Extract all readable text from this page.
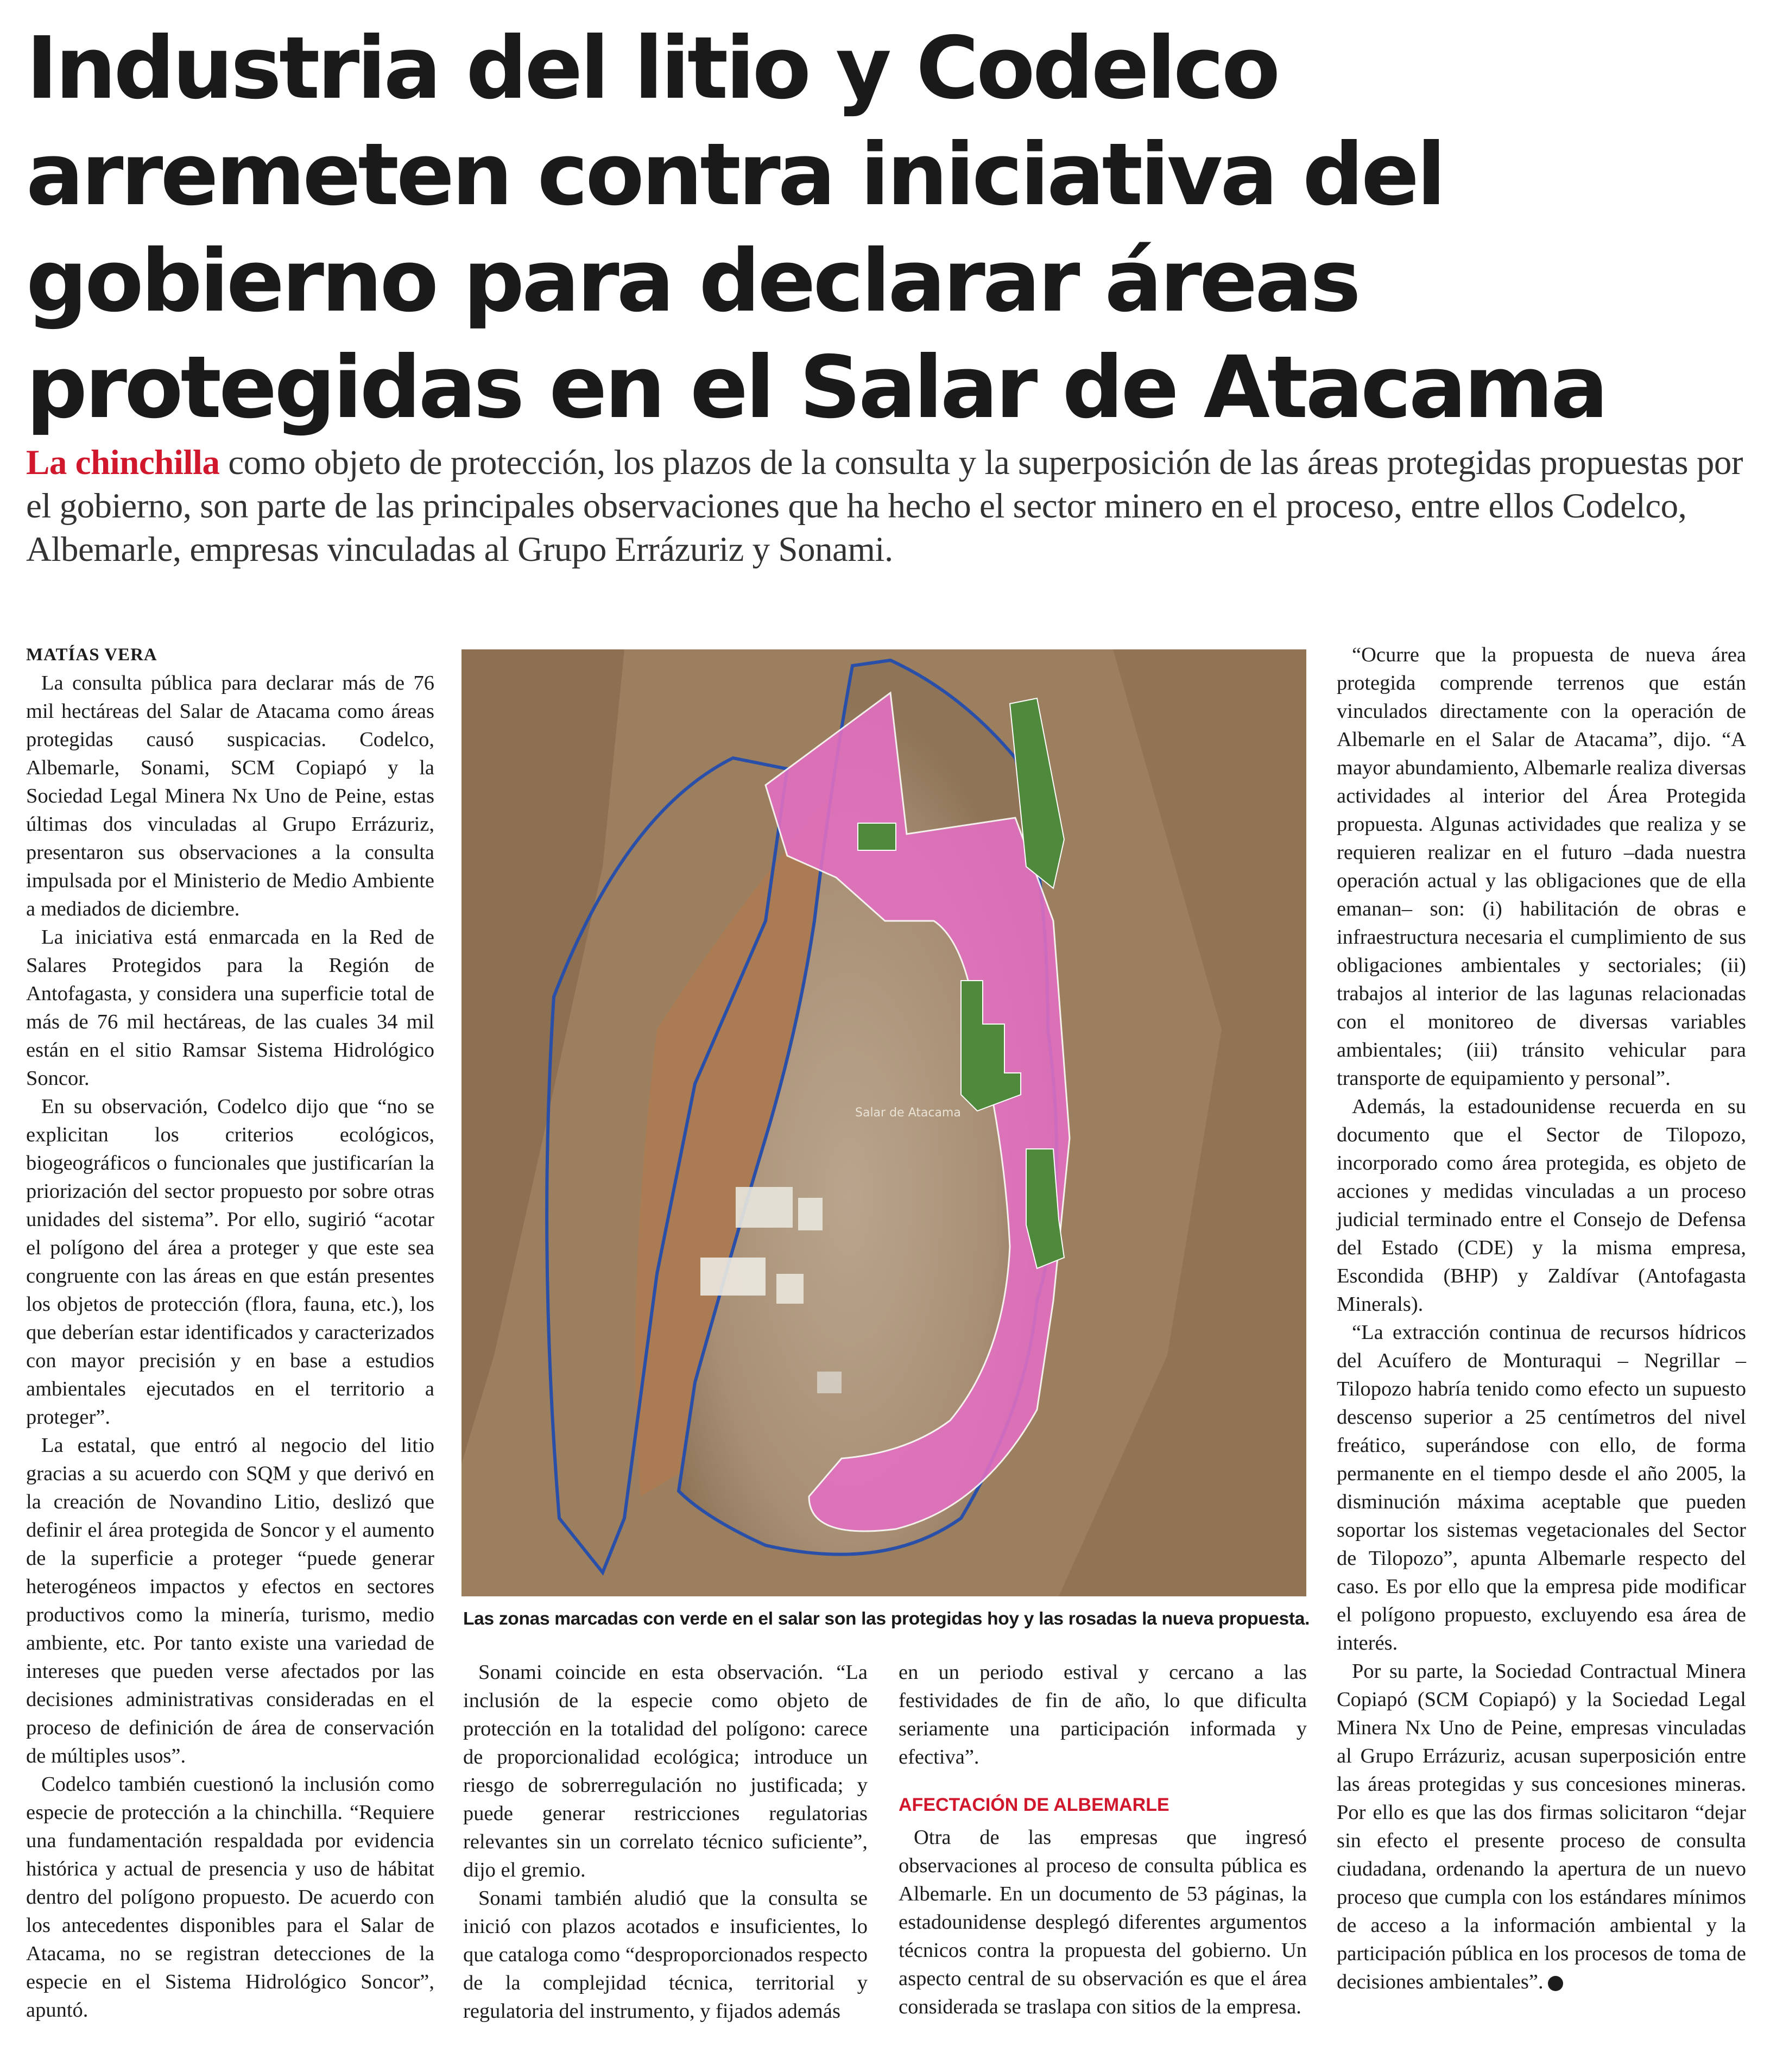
Industria del litio y Codelco arremeten contra iniciativa del gobierno para declarar áreas protegidas en el Salar de Atacama

La chinchilla como objeto de protección, los plazos de la consulta y la superposición de las áreas protegidas propuestas por el gobierno, son parte de las principales observaciones que ha hecho el sector minero en el proceso, entre ellos Codelco, Albemarle, empresas vinculadas al Grupo Errázuriz y Sonami.

MATÍAS VERA

La consulta pública para declarar más de 76 mil hectáreas del Salar de Atacama como áreas protegidas causó suspicacias. Codelco, Albemarle, Sonami, SCM Copiapó y la Sociedad Legal Minera Nx Uno de Peine, estas últimas dos vinculadas al Grupo Errázuriz, presentaron sus observaciones a la consulta impulsada por el Ministerio de Medio Ambiente a mediados de diciembre.

La iniciativa está enmarcada en la Red de Salares Protegidos para la Región de Antofagasta, y considera una superficie total de más de 76 mil hectáreas, de las cuales 34 mil están en el sitio Ramsar Sistema Hidrológico Soncor.

En su observación, Codelco dijo que “no se explicitan los criterios ecológicos, biogeográficos o funcionales que justificarían la priorización del sector propuesto por sobre otras unidades del sistema”. Por ello, sugirió “acotar el polígono del área a proteger y que este sea congruente con las áreas en que están presentes los objetos de protección (flora, fauna, etc.), los que deberían estar identificados y caracterizados con mayor precisión y en base a estudios ambientales ejecutados en el territorio a proteger”.

La estatal, que entró al negocio del litio gracias a su acuerdo con SQM y que derivó en la creación de Novandino Litio, deslizó que definir el área protegida de Soncor y el aumento de la superficie a proteger “puede generar heterogéneos impactos y efectos en sectores productivos como la minería, turismo, medio ambiente, etc. Por tanto existe una variedad de intereses que pueden verse afectados por las decisiones administrativas consideradas en el proceso de definición de área de conservación de múltiples usos”.

Codelco también cuestionó la inclusión como especie de protección a la chinchilla. “Requiere una fundamentación respaldada por evidencia histórica y actual de presencia y uso de hábitat dentro del polígono propuesto. De acuerdo con los antecedentes disponibles para el Salar de Atacama, no se registran detecciones de la especie en el Sistema Hidrológico Soncor”, apuntó.

Salar de Atacama
Las zonas marcadas con verde en el salar son las protegidas hoy y las rosadas la nueva propuesta.

Sonami coincide en esta observación. “La inclusión de la especie como objeto de protección en la totalidad del polígono: carece de proporcionalidad ecológica; introduce un riesgo de sobrerregulación no justificada; y puede generar restricciones regulatorias relevantes sin un correlato técnico suficiente”, dijo el gremio.

Sonami también aludió que la consulta se inició con plazos acotados e insuficientes, lo que cataloga como “desproporcionados respecto de la complejidad técnica, territorial y regulatoria del instrumento, y fijados además

en un periodo estival y cercano a las festividades de fin de año, lo que dificulta seriamente una participación informada y efectiva”.

AFECTACIÓN DE ALBEMARLE

Otra de las empresas que ingresó observaciones al proceso de consulta pública es Albemarle. En un documento de 53 páginas, la estadounidense desplegó diferentes argumentos técnicos contra la propuesta del gobierno. Un aspecto central de su observación es que el área considerada se traslapa con sitios de la empresa.

“Ocurre que la propuesta de nueva área protegida comprende terrenos que están vinculados directamente con la operación de Albemarle en el Salar de Atacama”, dijo. “A mayor abundamiento, Albemarle realiza diversas actividades al interior del Área Protegida propuesta. Algunas actividades que realiza y se requieren realizar en el futuro –dada nuestra operación actual y las obligaciones que de ella emanan– son: (i) habilitación de obras e infraestructura necesaria el cumplimiento de sus obligaciones ambientales y sectoriales; (ii) trabajos al interior de las lagunas relacionadas con el monitoreo de diversas variables ambientales; (iii) tránsito vehicular para transporte de equipamiento y personal”.

Además, la estadounidense recuerda en su documento que el Sector de Tilopozo, incorporado como área protegida, es objeto de acciones y medidas vinculadas a un proceso judicial terminado entre el Consejo de Defensa del Estado (CDE) y la misma empresa, Escondida (BHP) y Zaldívar (Antofagasta Minerals).

“La extracción continua de recursos hídricos del Acuífero de Monturaqui – Negrillar – Tilopozo habría tenido como efecto un supuesto descenso superior a 25 centímetros del nivel freático, superándose con ello, de forma permanente en el tiempo desde el año 2005, la disminución máxima aceptable que pueden soportar los sistemas vegetacionales del Sector de Tilopozo”, apunta Albemarle respecto del caso. Es por ello que la empresa pide modificar el polígono propuesto, excluyendo esa área de interés.

Por su parte, la Sociedad Contractual Minera Copiapó (SCM Copiapó) y la Sociedad Legal Minera Nx Uno de Peine, empresas vinculadas al Grupo Errázuriz, acusan superposición entre las áreas protegidas y sus concesiones mineras. Por ello es que las dos firmas solicitaron “dejar sin efecto el presente proceso de consulta ciudadana, ordenando la apertura de un nuevo proceso que cumpla con los estándares mínimos de acceso a la información ambiental y la participación pública en los procesos de toma de decisiones ambientales”.
